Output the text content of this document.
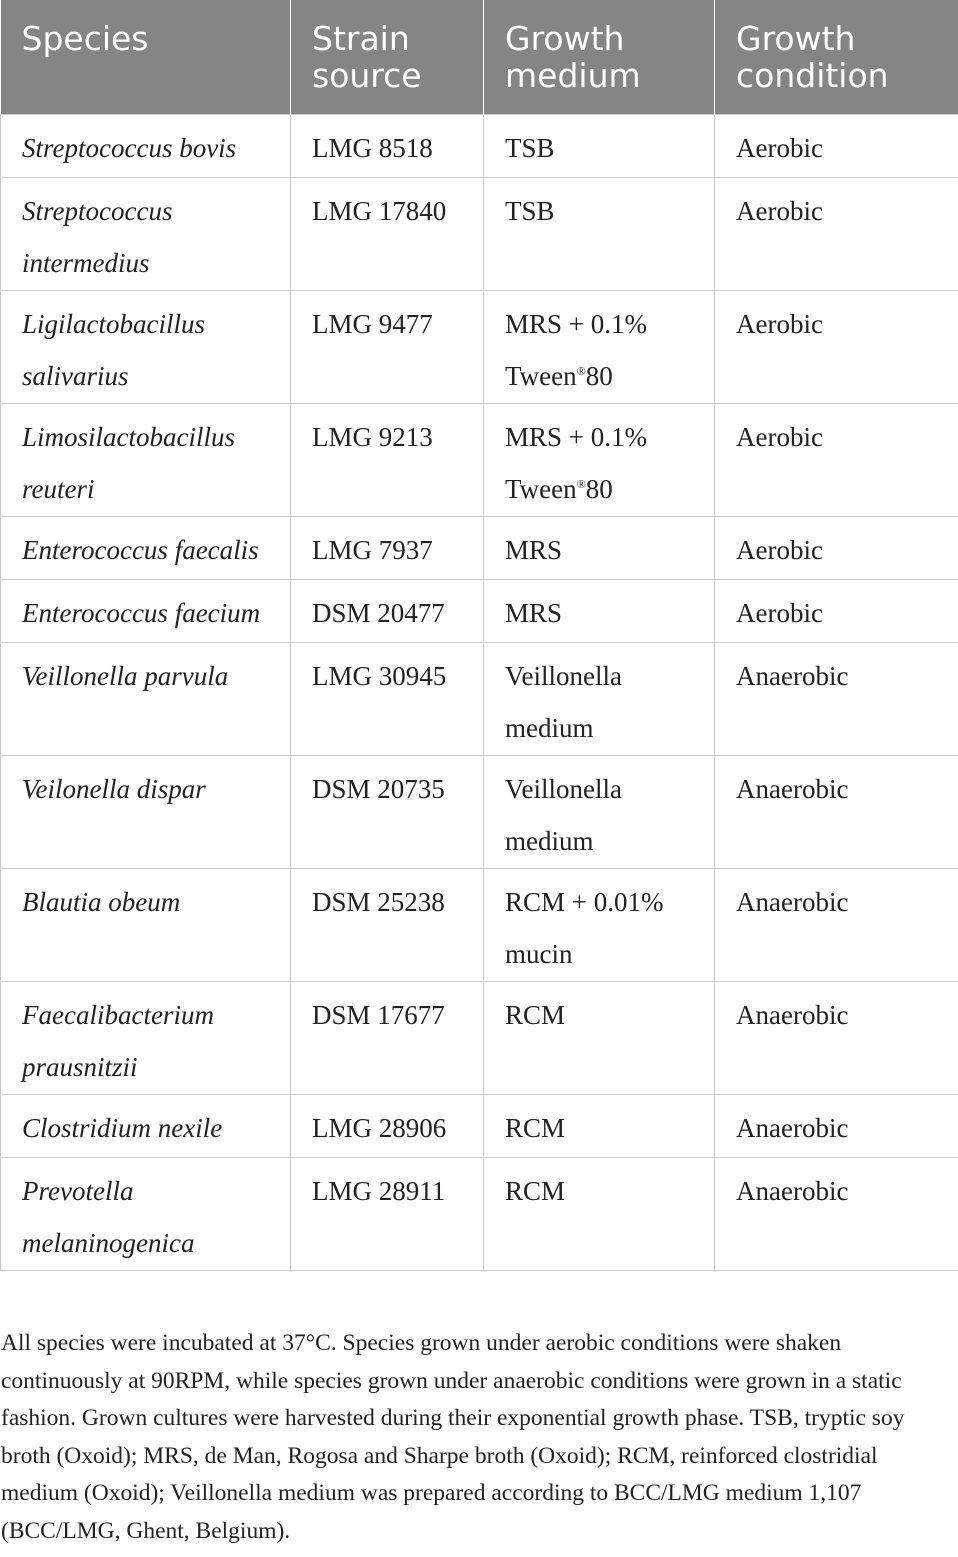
Species	Strain source	Growth medium	Growth condition
Streptococcus bovis	LMG 8518	TSB	Aerobic
Streptococcus intermedius	LMG 17840	TSB	Aerobic
Ligilactobacillus salivarius	LMG 9477	MRS + 0.1% Tween®80	Aerobic
Limosilactobacillus reuteri	LMG 9213	MRS + 0.1% Tween®80	Aerobic
Enterococcus faecalis	LMG 7937	MRS	Aerobic
Enterococcus faecium	DSM 20477	MRS	Aerobic
Veillonella parvula	LMG 30945	Veillonella medium	Anaerobic
Veilonella dispar	DSM 20735	Veillonella medium	Anaerobic
Blautia obeum	DSM 25238	RCM + 0.01% mucin	Anaerobic
Faecalibacterium prausnitzii	DSM 17677	RCM	Anaerobic
Clostridium nexile	LMG 28906	RCM	Anaerobic
Prevotella melaninogenica	LMG 28911	RCM	Anaerobic

All species were incubated at 37°C. Species grown under aerobic conditions were shaken continuously at 90RPM, while species grown under anaerobic conditions were grown in a static fashion. Grown cultures were harvested during their exponential growth phase. TSB, tryptic soy broth (Oxoid); MRS, de Man, Rogosa and Sharpe broth (Oxoid); RCM, reinforced clostridial medium (Oxoid); Veillonella medium was prepared according to BCC/LMG medium 1,107 (BCC/LMG, Ghent, Belgium).
